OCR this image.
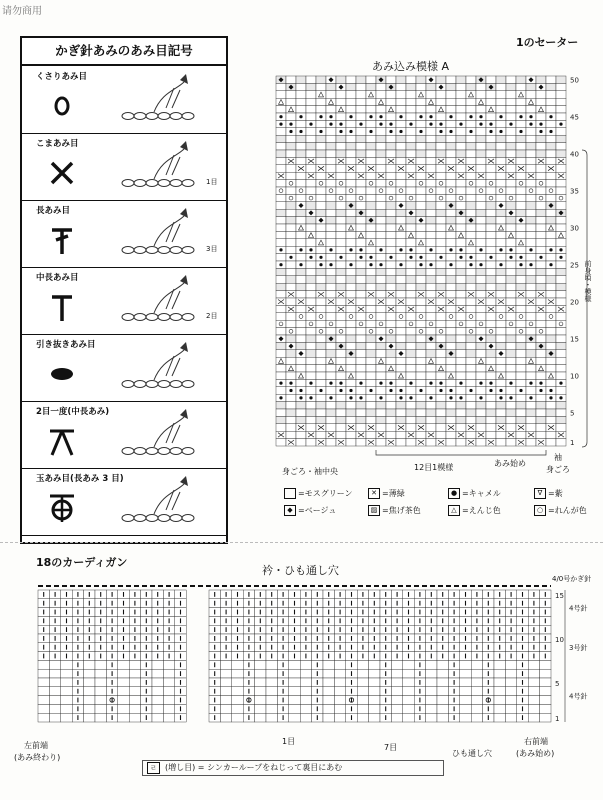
请勿商用
かぎ針あみのあみ目記号
くさりあみ目
こまあみ目
長あみ目
中長あみ目
引き抜きあみ目
2目一度(中長あみ)
玉あみ目(長あみ 3 目)
1目
3目
2目
1のセーター
あみ込み模様 A
1
5
10
15
20
25
30
35
40
45
50
前身頃・模様
身ごろ・袖中央	12目1模様	あみ始め
袖
身ごろ
=モスグリーン	✕ =薄緑	● =キャメル	∇ =紫
◆ =ベージュ	▨ =焦げ茶色	△ =えんじ色	○ =れんが色
18のカーディガン
衿・ひも通し穴
4/0号かぎ針
1
5
10
15
4号針
3号針
4号針
左前端
(あみ終わり)
1目
7目
ひも通し穴
右前端
(あみ始め)
ㄹ	(増し目) = シンカーループをねじって裏目にあむ
